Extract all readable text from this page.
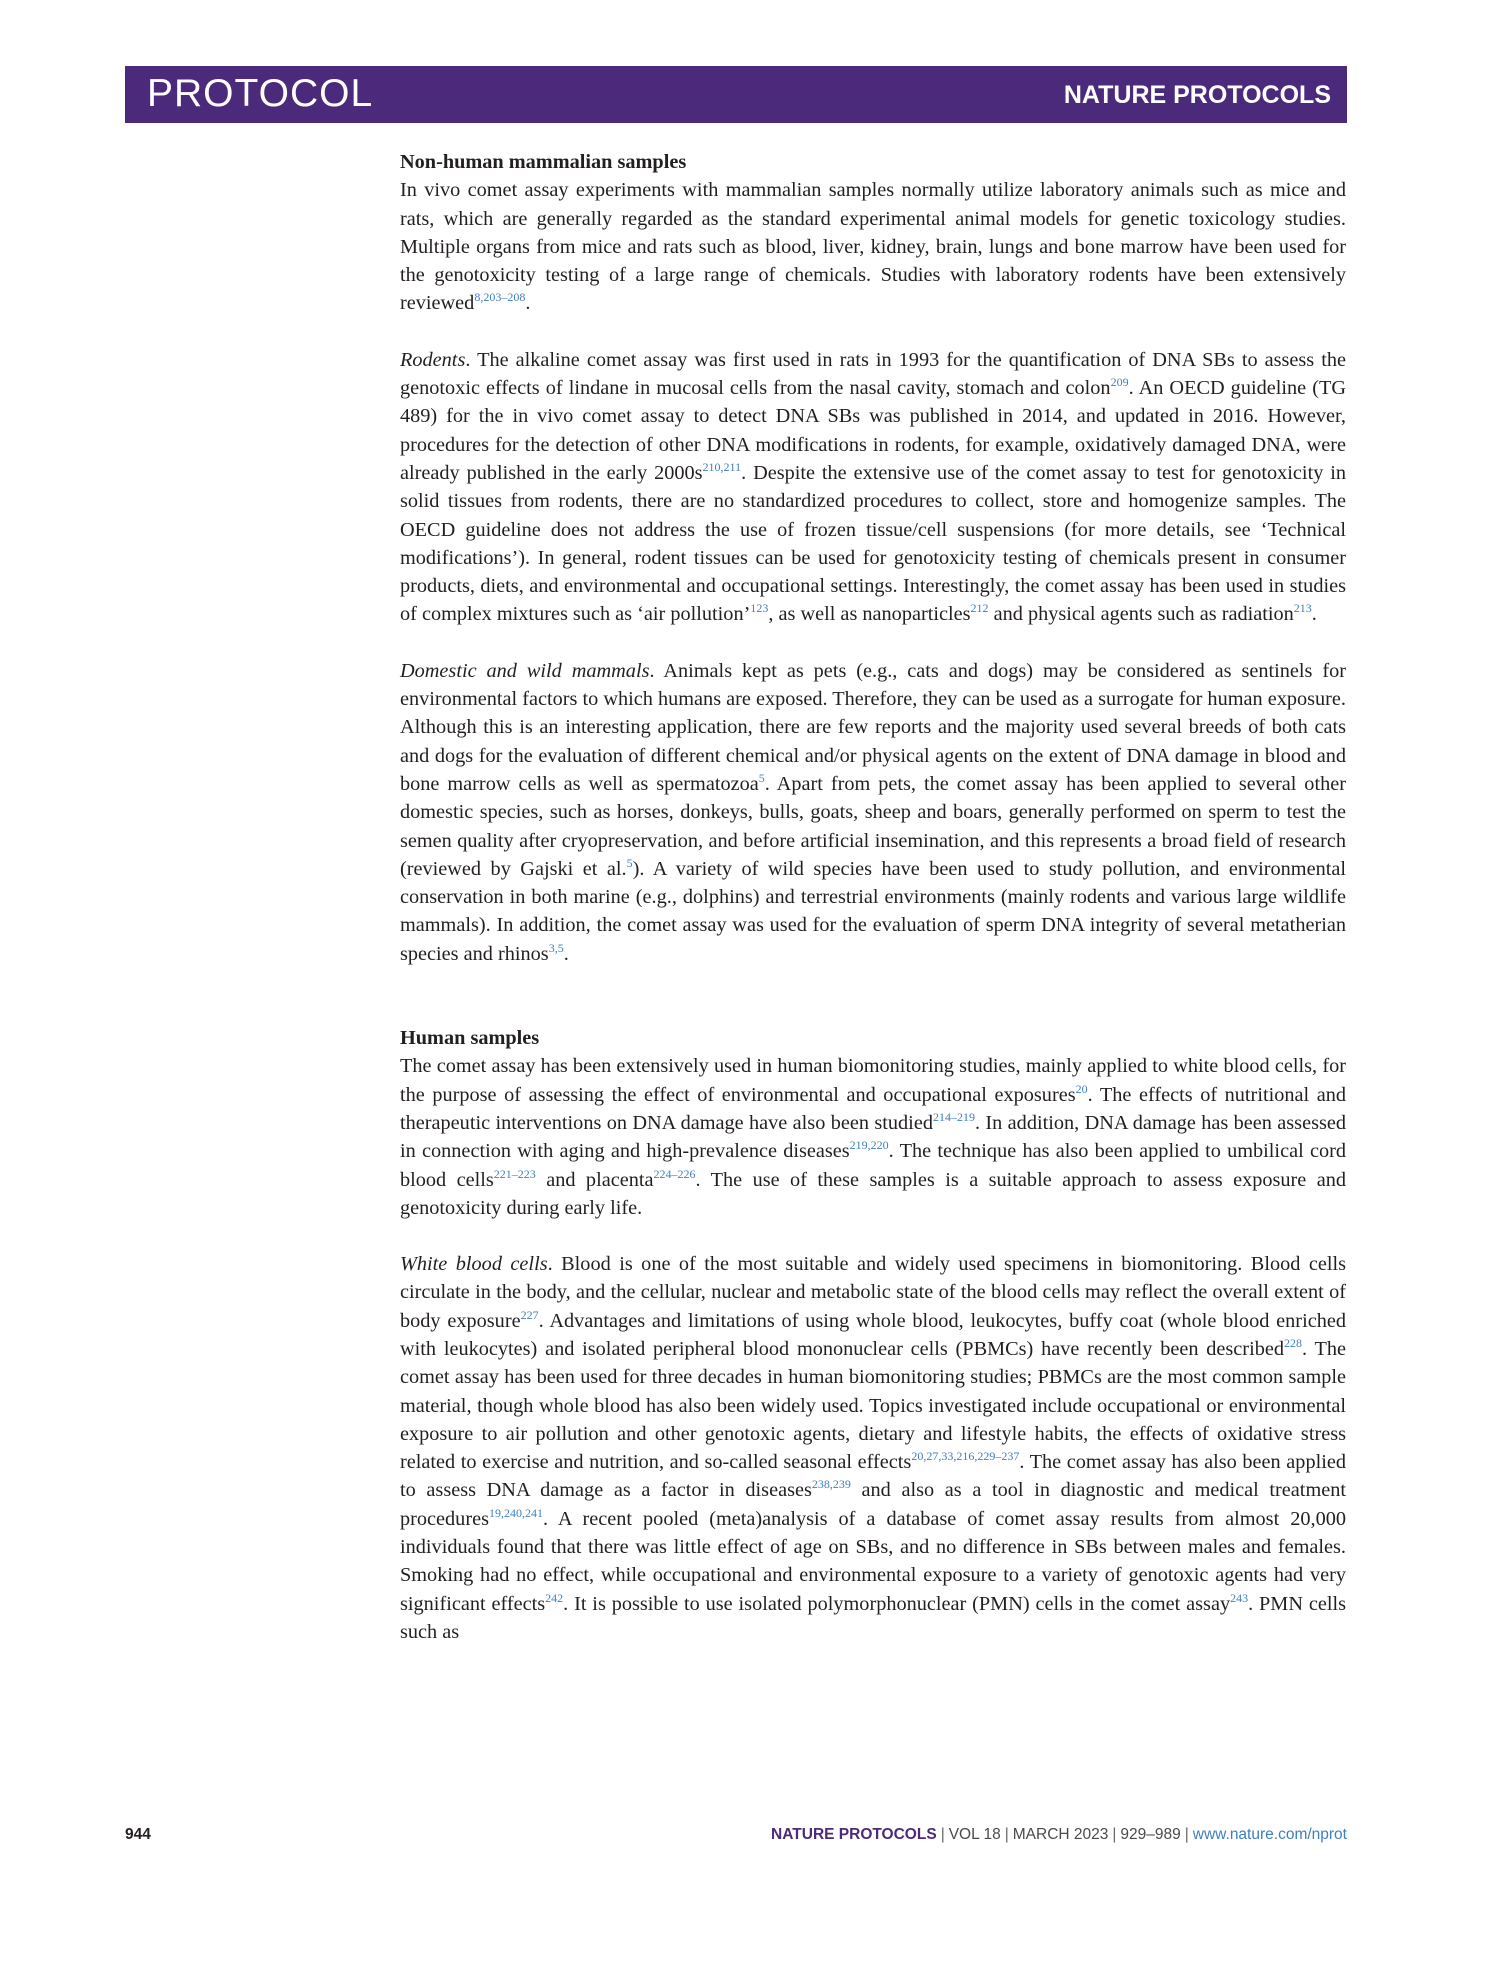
PROTOCOL	NATURE PROTOCOLS

Non-human mammalian samples

In vivo comet assay experiments with mammalian samples normally utilize laboratory animals such as mice and rats, which are generally regarded as the standard experimental animal models for genetic toxicology studies. Multiple organs from mice and rats such as blood, liver, kidney, brain, lungs and bone marrow have been used for the genotoxicity testing of a large range of chemicals. Studies with laboratory rodents have been extensively reviewed$^{8,203-208}$.

Rodents. The alkaline comet assay was first used in rats in 1993 for the quantification of DNA SBs to assess the genotoxic effects of lindane in mucosal cells from the nasal cavity, stomach and colon$^{209}$. An OECD guideline (TG 489) for the in vivo comet assay to detect DNA SBs was published in 2014, and updated in 2016. However, procedures for the detection of other DNA modifications in rodents, for example, oxidatively damaged DNA, were already published in the early 2000s$^{210,211}$. Despite the extensive use of the comet assay to test for genotoxicity in solid tissues from rodents, there are no standardized procedures to collect, store and homogenize samples. The OECD guideline does not address the use of frozen tissue/cell suspensions (for more details, see ‘Technical modifications’). In general, rodent tissues can be used for genotoxicity testing of chemicals present in consumer products, diets, and environmental and occupational settings. Interestingly, the comet assay has been used in studies of complex mixtures such as ‘air pollution’$^{123}$, as well as nanoparticles$^{212}$ and physical agents such as radiation$^{213}$.

Domestic and wild mammals. Animals kept as pets (e.g., cats and dogs) may be considered as sentinels for environmental factors to which humans are exposed. Therefore, they can be used as a surrogate for human exposure. Although this is an interesting application, there are few reports and the majority used several breeds of both cats and dogs for the evaluation of different chemical and/or physical agents on the extent of DNA damage in blood and bone marrow cells as well as spermatozoa$^5$. Apart from pets, the comet assay has been applied to several other domestic species, such as horses, donkeys, bulls, goats, sheep and boars, generally performed on sperm to test the semen quality after cryopreservation, and before artificial insemination, and this represents a broad field of research (reviewed by Gajski et al.$^5$). A variety of wild species have been used to study pollution, and environmental conservation in both marine (e.g., dolphins) and terrestrial environments (mainly rodents and various large wildlife mammals). In addition, the comet assay was used for the evaluation of sperm DNA integrity of several metatherian species and rhinos$^{3,5}$.

Human samples

The comet assay has been extensively used in human biomonitoring studies, mainly applied to white blood cells, for the purpose of assessing the effect of environmental and occupational exposures$^{20}$. The effects of nutritional and therapeutic interventions on DNA damage have also been studied$^{214-219}$. In addition, DNA damage has been assessed in connection with aging and high-prevalence diseases$^{219,220}$. The technique has also been applied to umbilical cord blood cells$^{221-223}$ and placenta$^{224-226}$. The use of these samples is a suitable approach to assess exposure and genotoxicity during early life.

White blood cells. Blood is one of the most suitable and widely used specimens in biomonitoring. Blood cells circulate in the body, and the cellular, nuclear and metabolic state of the blood cells may reflect the overall extent of body exposure$^{227}$. Advantages and limitations of using whole blood, leukocytes, buffy coat (whole blood enriched with leukocytes) and isolated peripheral blood mononuclear cells (PBMCs) have recently been described$^{228}$. The comet assay has been used for three decades in human biomonitoring studies; PBMCs are the most common sample material, though whole blood has also been widely used. Topics investigated include occupational or environmental exposure to air pollution and other genotoxic agents, dietary and lifestyle habits, the effects of oxidative stress related to exercise and nutrition, and so-called seasonal effects$^{20,27,33,216,229-237}$. The comet assay has also been applied to assess DNA damage as a factor in diseases$^{238,239}$ and also as a tool in diagnostic and medical treatment procedures$^{19,240,241}$. A recent pooled (meta)analysis of a database of comet assay results from almost 20,000 individuals found that there was little effect of age on SBs, and no difference in SBs between males and females. Smoking had no effect, while occupational and environmental exposure to a variety of genotoxic agents had very significant effects$^{242}$. It is possible to use isolated polymorphonuclear (PMN) cells in the comet assay$^{243}$. PMN cells such as

944	NATURE PROTOCOLS | VOL 18 | MARCH 2023 | 929–989 | www.nature.com/nprot
